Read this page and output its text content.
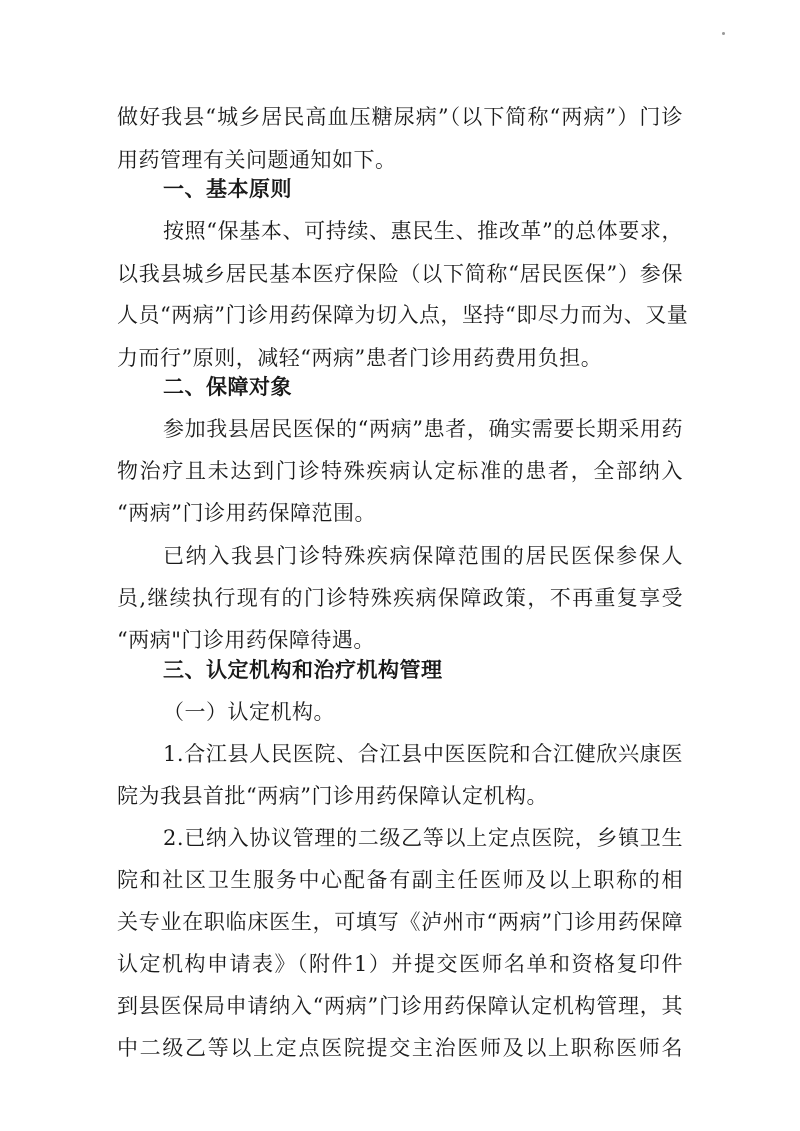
做好我县“城乡居民高血压糖尿病”（以下简称“两病”）门诊
用药管理有关问题通知如下。
一、基本原则
按照“保基本、可持续、惠民生、推改革”的总体要求，
以我县城乡居民基本医疗保险（以下简称“居民医保”）参保
人员“两病”门诊用药保障为切入点，坚持“即尽力而为、又量
力而行”原则，减轻“两病”患者门诊用药费用负担。
二、保障对象
参加我县居民医保的“两病”患者，确实需要长期采用药
物治疗且未达到门诊特殊疾病认定标准的患者，全部纳入
“两病”门诊用药保障范围。
已纳入我县门诊特殊疾病保障范围的居民医保参保人
员,继续执行现有的门诊特殊疾病保障政策，不再重复享受
“两病"门诊用药保障待遇。
三、认定机构和治疗机构管理
（一）认定机构。
1.合江县人民医院、合江县中医医院和合江健欣兴康医
院为我县首批“两病”门诊用药保障认定机构。
2.已纳入协议管理的二级乙等以上定点医院，乡镇卫生
院和社区卫生服务中心配备有副主任医师及以上职称的相
关专业在职临床医生，可填写《泸州市“两病”门诊用药保障
认定机构申请表》（附件1）并提交医师名单和资格复印件
到县医保局申请纳入“两病”门诊用药保障认定机构管理，其
中二级乙等以上定点医院提交主治医师及以上职称医师名
